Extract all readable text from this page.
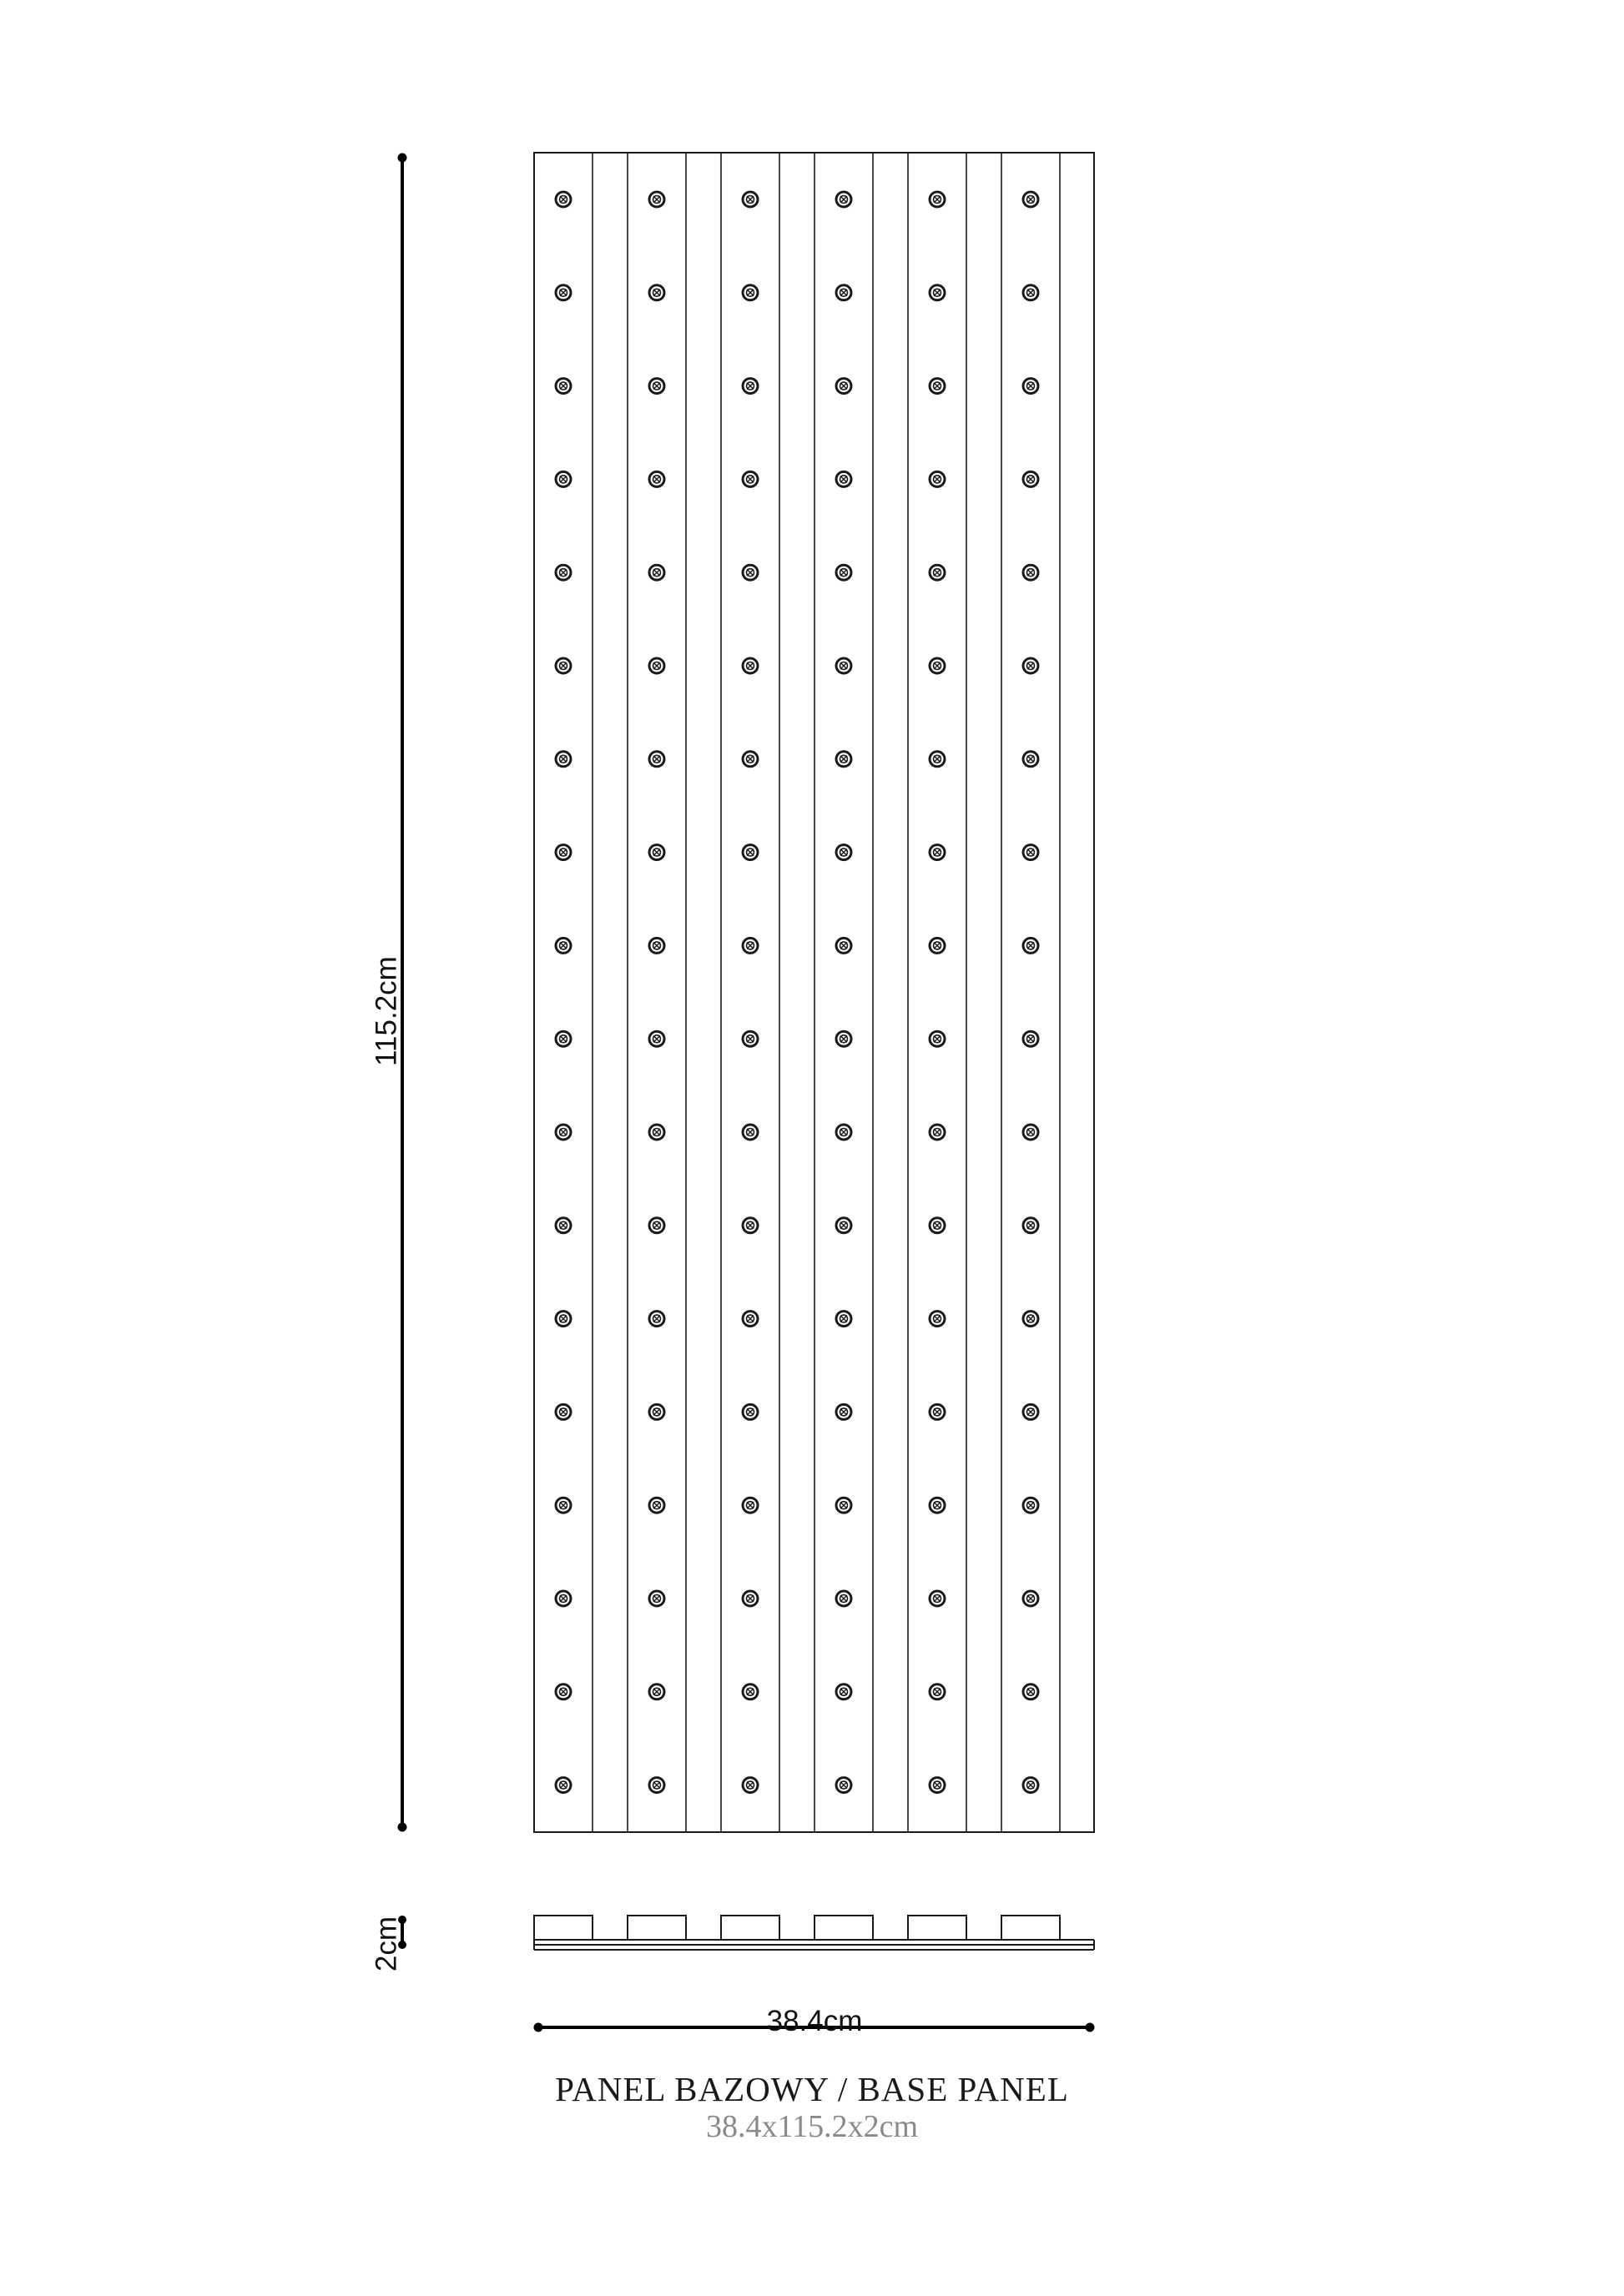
115.2cm
2cm
38.4cm
PANEL BAZOWY / BASE PANEL
38.4x115.2x2cm
